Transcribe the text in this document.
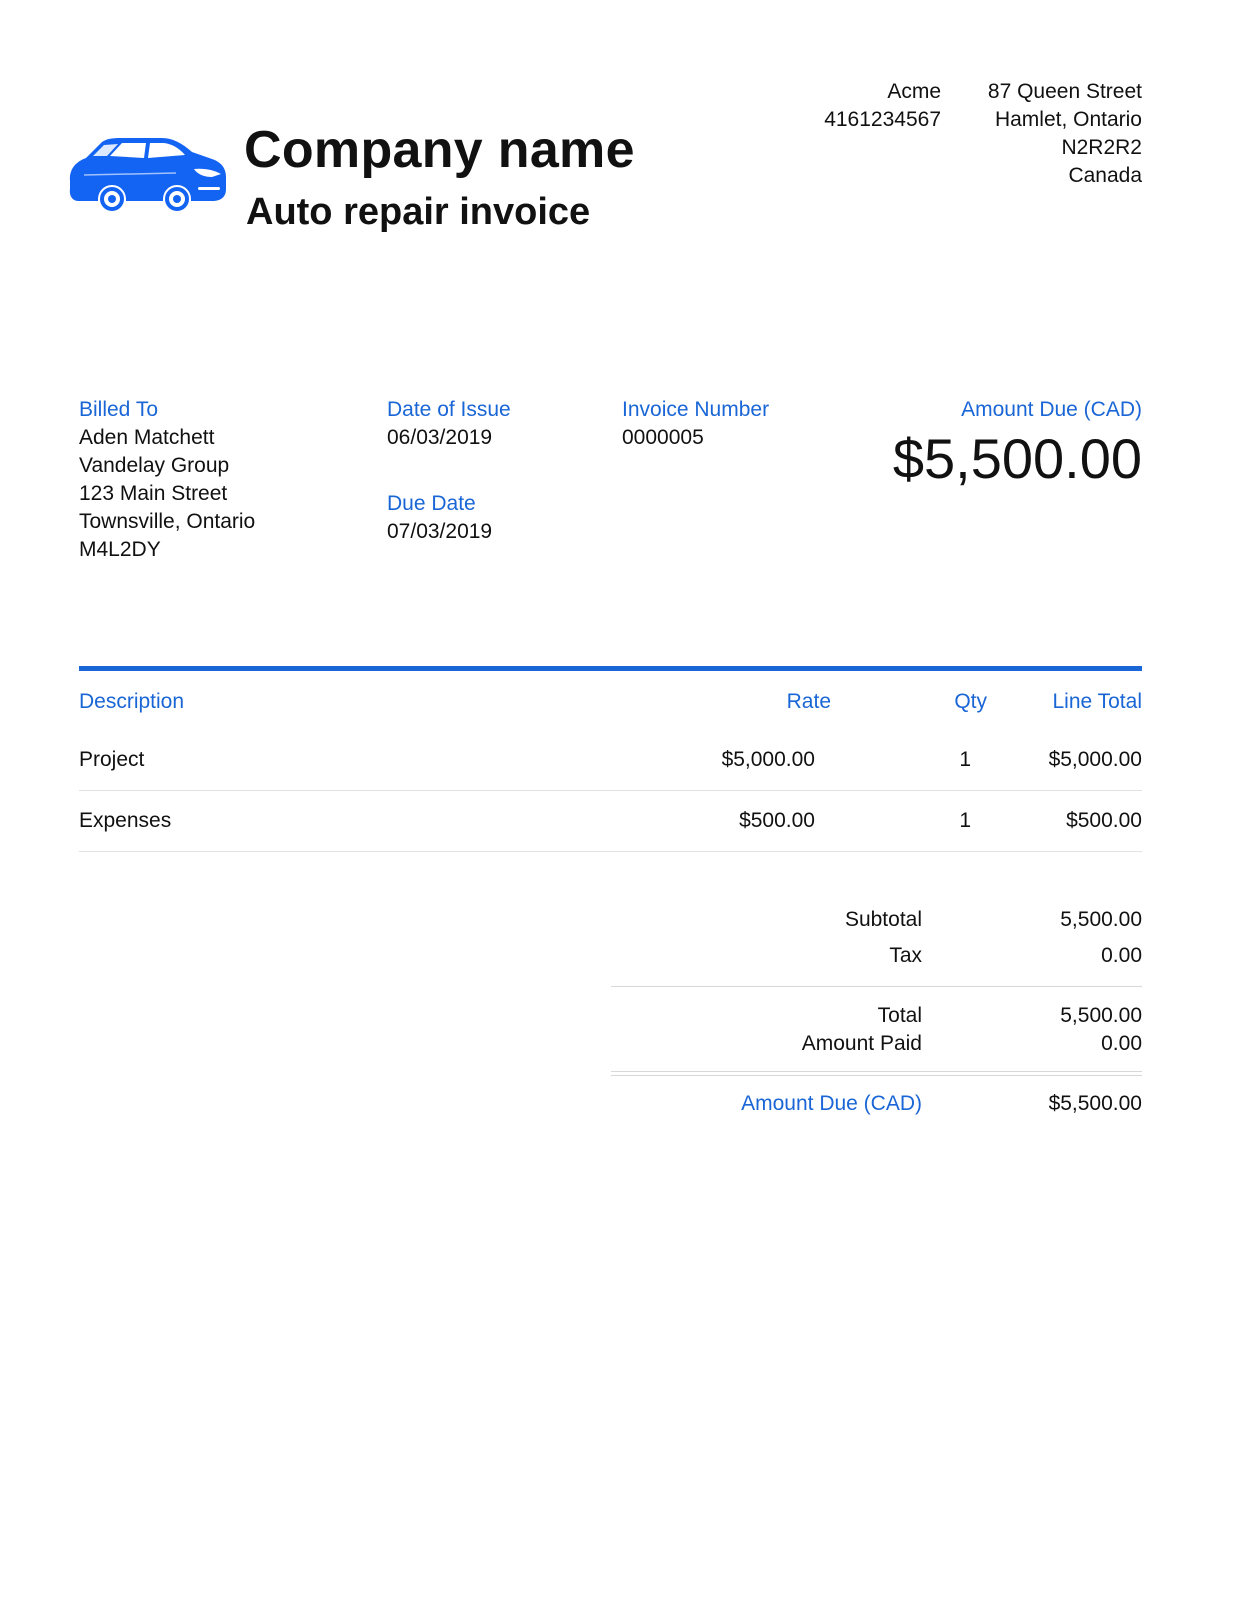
Company name
Auto repair invoice
Acme
4161234567
87 Queen Street
Hamlet, Ontario
N2R2R2
Canada
Billed To
Aden Matchett
Vandelay Group
123 Main Street
Townsville, Ontario
M4L2DY
Date of Issue
06/03/2019
Due Date
07/03/2019
Invoice Number
0000005
Amount Due (CAD)
$5,500.00
Description	Rate	Qty	Line Total
Project	$5,000.00	1	$5,000.00
Expenses	$500.00	1	$500.00
Subtotal	5,500.00
Tax	0.00
Total	5,500.00
Amount Paid	0.00
Amount Due (CAD)	$5,500.00
